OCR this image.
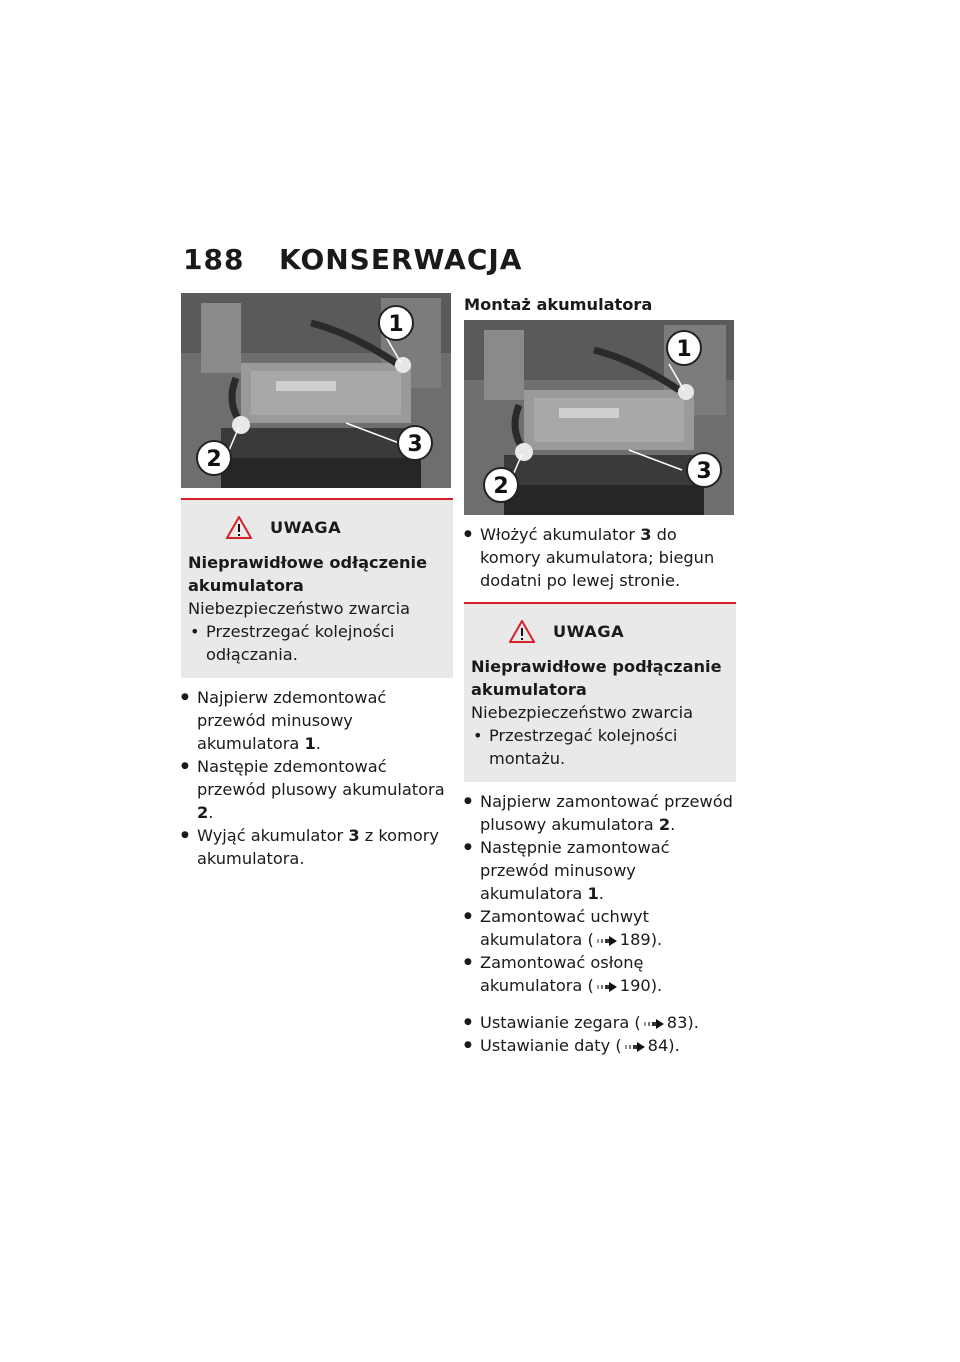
188	KONSERWACJA
1
2
3
UWAGA
Nieprawidłowe odłączenie akumulatora
Niebezpieczeństwo zwarcia
• Przestrzegać kolejności odłączania.
● Najpierw zdemontować przewód minusowy akumulatora 1.
● Następie zdemontować przewód plusowy akumulatora 2.
● Wyjąć akumulator 3 z komory akumulatora.
Montaż akumulatora
1
2
3
● Włożyć akumulator 3 do komory akumulatora; biegun dodatni po lewej stronie.
UWAGA
Nieprawidłowe podłączanie akumulatora
Niebezpieczeństwo zwarcia
• Przestrzegać kolejności montażu.
● Najpierw zamontować przewód plusowy akumulatora 2.
● Następnie zamontować przewód minusowy akumulatora 1.
● Zamontować uchwyt akumulatora ( 189).
● Zamontować osłonę akumulatora ( 190).
● Ustawianie zegara ( 83).
● Ustawianie daty ( 84).
